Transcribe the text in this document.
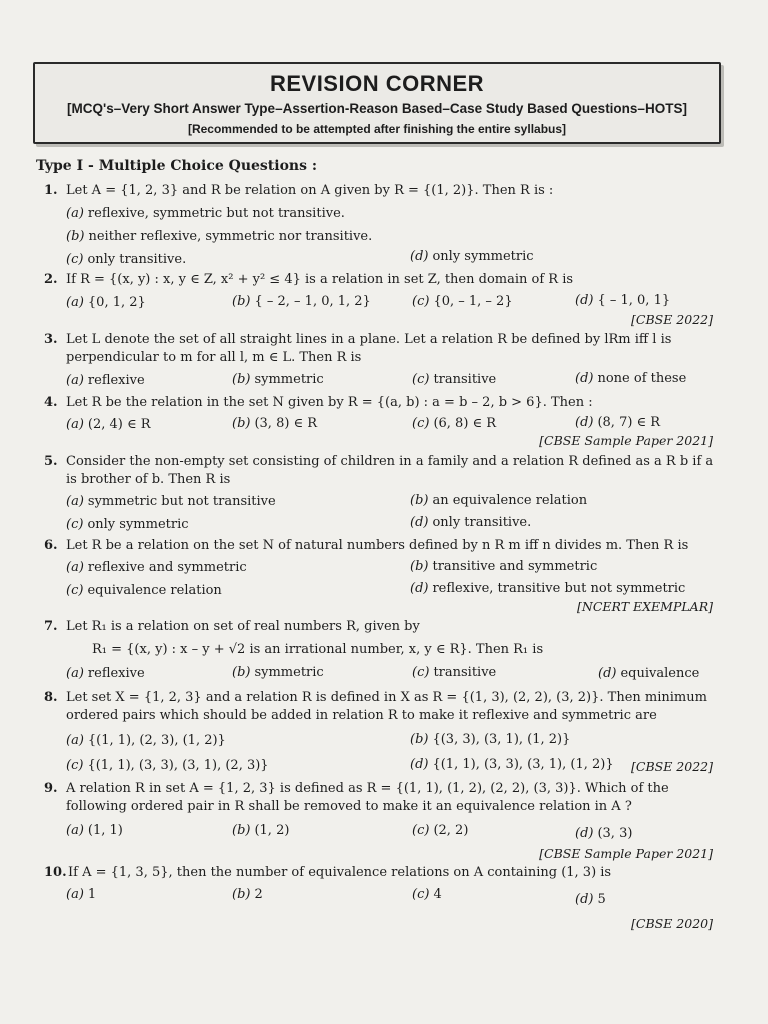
REVISION CORNER
[MCQ's–Very Short Answer Type–Assertion-Reason Based–Case Study Based Questions–HOTS]
[Recommended to be attempted after finishing the entire syllabus]
Type I - Multiple Choice Questions :
1. Let A = {1, 2, 3} and R be relation on A given by R = {(1, 2)}. Then R is :
(a) reflexive, symmetric but not transitive.
(b) neither reflexive, symmetric nor transitive.
(c) only transitive.	(d) only symmetric
2. If R = {(x, y) : x, y ∈ Z, x² + y² ≤ 4} is a relation in set Z, then domain of R is
(a) {0, 1, 2}	(b) { – 2, – 1, 0, 1, 2}	(c) {0, – 1, – 2}	(d) { – 1, 0, 1}
[CBSE 2022]
3. Let L denote the set of all straight lines in a plane. Let a relation R be defined by lRm iff l is perpendicular to m for all l, m ∈ L. Then R is
(a) reflexive	(b) symmetric	(c) transitive	(d) none of these
4. Let R be the relation in the set N given by R = {(a, b) : a = b – 2, b > 6}. Then :
(a) (2, 4) ∈ R	(b) (3, 8) ∈ R	(c) (6, 8) ∈ R	(d) (8, 7) ∈ R
[CBSE Sample Paper 2021]
5. Consider the non-empty set consisting of children in a family and a relation R defined as a R b if a is brother of b. Then R is
(a) symmetric but not transitive	(b) an equivalence relation
(c) only symmetric	(d) only transitive.
6. Let R be a relation on the set N of natural numbers defined by n R m iff n divides m. Then R is
(a) reflexive and symmetric	(b) transitive and symmetric
(c) equivalence relation	(d) reflexive, transitive but not symmetric
[NCERT EXEMPLAR]
7. Let R₁ is a relation on set of real numbers R, given by
R₁ = {(x, y) : x – y + √2 is an irrational number, x, y ∈ R}. Then R₁ is
(a) reflexive	(b) symmetric	(c) transitive	(d) equivalence
8. Let set X = {1, 2, 3} and a relation R is defined in X as R = {(1, 3), (2, 2), (3, 2)}. Then minimum ordered pairs which should be added in relation R to make it reflexive and symmetric are
(a) {(1, 1), (2, 3), (1, 2)}	(b) {(3, 3), (3, 1), (1, 2)}
(c) {(1, 1), (3, 3), (3, 1), (2, 3)}	(d) {(1, 1), (3, 3), (3, 1), (1, 2)} [CBSE 2022]
9. A relation R in set A = {1, 2, 3} is defined as R = {(1, 1), (1, 2), (2, 2), (3, 3)}. Which of the following ordered pair in R shall be removed to make it an equivalence relation in A ?
(a) (1, 1)	(b) (1, 2)	(c) (2, 2)	(d) (3, 3)
[CBSE Sample Paper 2021]
10. If A = {1, 3, 5}, then the number of equivalence relations on A containing (1, 3) is
(a) 1	(b) 2	(c) 4	(d) 5
[CBSE 2020]
